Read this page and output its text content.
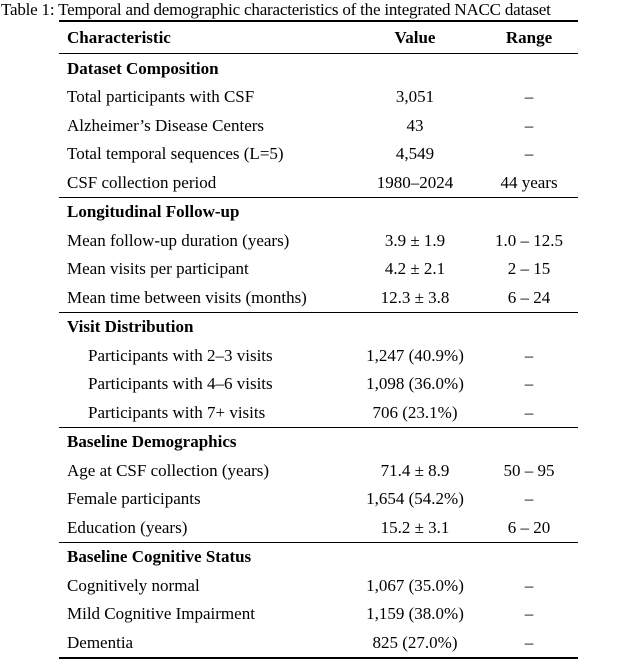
Table 1: Temporal and demographic characteristics of the integrated NACC dataset
Characteristic	Value	Range
Dataset Composition		
Total participants with CSF	3,051	–
Alzheimer’s Disease Centers	43	–
Total temporal sequences (L=5)	4,549	–
CSF collection period	1980–2024	44 years
Longitudinal Follow-up		
Mean follow-up duration (years)	3.9 ± 1.9	1.0 – 12.5
Mean visits per participant	4.2 ± 2.1	2 – 15
Mean time between visits (months)	12.3 ± 3.8	6 – 24
Visit Distribution		
Participants with 2–3 visits	1,247 (40.9%)	–
Participants with 4–6 visits	1,098 (36.0%)	–
Participants with 7+ visits	706 (23.1%)	–
Baseline Demographics		
Age at CSF collection (years)	71.4 ± 8.9	50 – 95
Female participants	1,654 (54.2%)	–
Education (years)	15.2 ± 3.1	6 – 20
Baseline Cognitive Status		
Cognitively normal	1,067 (35.0%)	–
Mild Cognitive Impairment	1,159 (38.0%)	–
Dementia	825 (27.0%)	–
